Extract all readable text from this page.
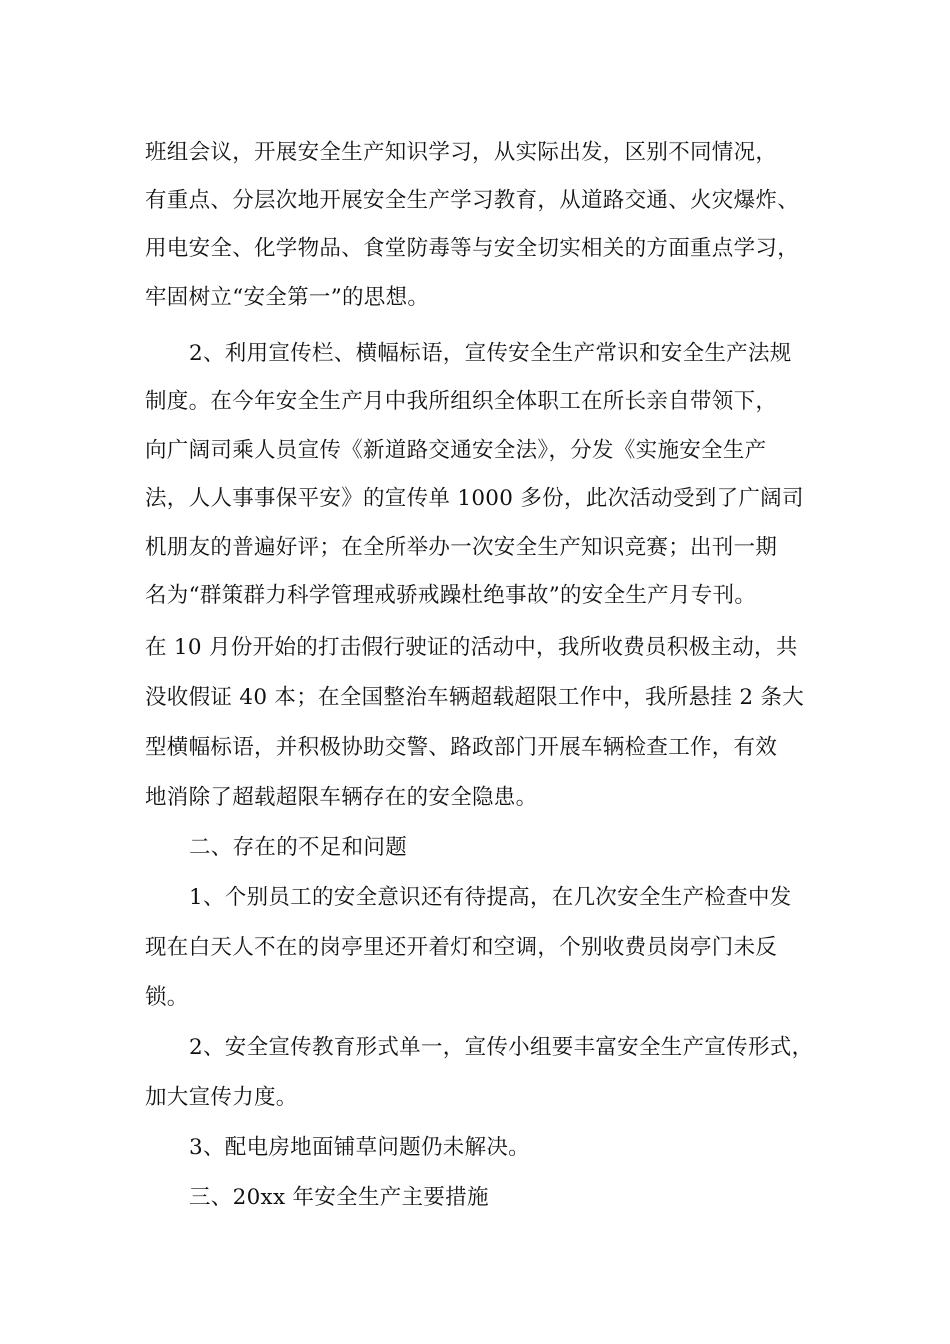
班组会议，开展安全生产知识学习，从实际出发，区别不同情况，
有重点、分层次地开展安全生产学习教育，从道路交通、火灾爆炸、
用电安全、化学物品、食堂防毒等与安全切实相关的方面重点学习，
牢固树立“安全第一”的思想。
2、利用宣传栏、横幅标语，宣传安全生产常识和安全生产法规
制度。在今年安全生产月中我所组织全体职工在所长亲自带领下，
向广阔司乘人员宣传《新道路交通安全法》，分发《实施安全生产
法，人人事事保平安》的宣传单 1000 多份，此次活动受到了广阔司
机朋友的普遍好评；在全所举办一次安全生产知识竞赛；出刊一期
名为“群策群力科学管理戒骄戒躁杜绝事故”的安全生产月专刊。
在 10 月份开始的打击假行驶证的活动中，我所收费员积极主动，共
没收假证 40 本；在全国整治车辆超载超限工作中，我所悬挂 2 条大
型横幅标语，并积极协助交警、路政部门开展车辆检查工作，有效
地消除了超载超限车辆存在的安全隐患。
二、存在的不足和问题
1、个别员工的安全意识还有待提高，在几次安全生产检查中发
现在白天人不在的岗亭里还开着灯和空调，个别收费员岗亭门未反
锁。
2、安全宣传教育形式单一，宣传小组要丰富安全生产宣传形式，
加大宣传力度。
3、配电房地面铺草问题仍未解决。
三、20xx 年安全生产主要措施
